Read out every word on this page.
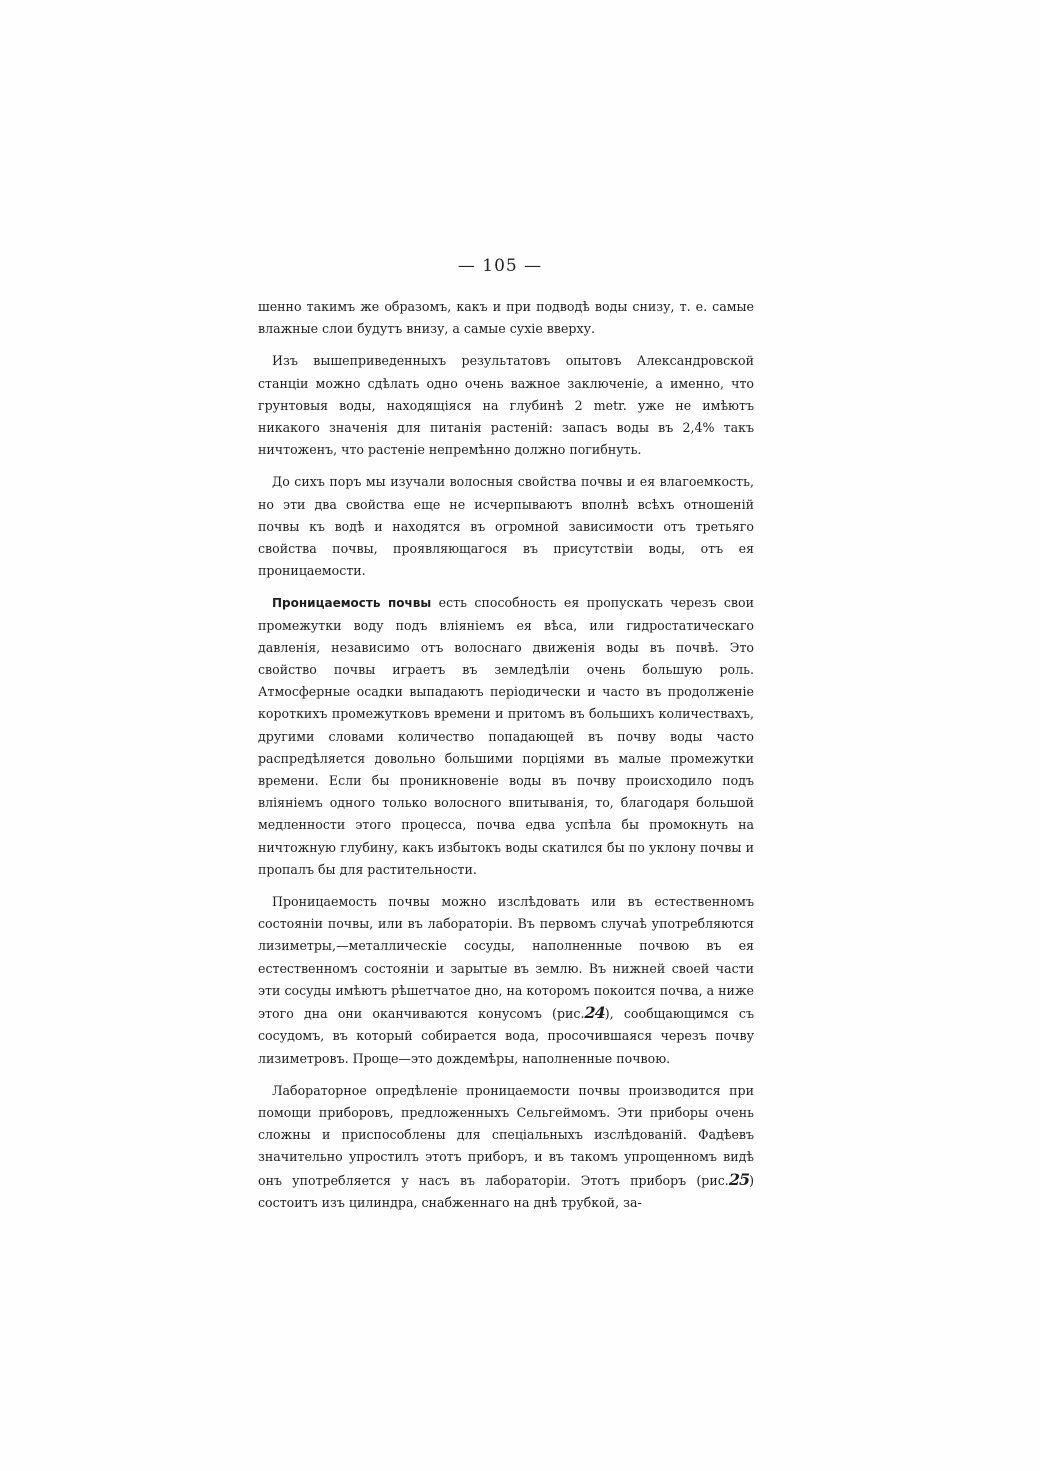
— 105 —

шенно такимъ же образомъ, какъ и при подводѣ воды снизу, т. е. самые влажные слои будутъ внизу, а самые сухіе вверху.

Изъ вышеприведенныхъ результатовъ опытовъ Александровской станціи можно сдѣлать одно очень важное заключеніе, а именно, что грунтовыя воды, находящіяся на глубинѣ 2 metr. уже не имѣютъ никакого значенія для питанія растеній: запасъ воды въ 2,4% такъ ничтоженъ, что растеніе непремѣнно должно погибнуть.

До сихъ поръ мы изучали волосныя свойства почвы и ея влагоемкость, но эти два свойства еще не исчерпываютъ вполнѣ всѣхъ отношеній почвы къ водѣ и находятся въ огромной зависимости отъ третьяго свойства почвы, проявляющагося въ присутствіи воды, отъ ея проницаемости.

Проницаемость почвы есть способность ея пропускать черезъ свои промежутки воду подъ вліяніемъ ея вѣса, или гидростатическаго давленія, независимо отъ волоснаго движенія воды въ почвѣ. Это свойство почвы играетъ въ земледѣліи очень большую роль. Атмосферные осадки выпадаютъ періодически и часто въ продолженіе короткихъ промежутковъ времени и притомъ въ большихъ количествахъ, другими словами количество попадающей въ почву воды часто распредѣляется довольно большими порціями въ малые промежутки времени. Если бы проникновеніе воды въ почву происходило подъ вліяніемъ одного только волосного впитыванія, то, благодаря большой медленности этого процесса, почва едва успѣла бы промокнуть на ничтожную глубину, какъ избытокъ воды скатился бы по уклону почвы и пропалъ бы для растительности.

Проницаемость почвы можно изслѣдовать или въ естественномъ состояніи почвы, или въ лабораторіи. Въ первомъ случаѣ употребляются лизиметры,—металлическіе сосуды, наполненные почвою въ ея естественномъ состояніи и зарытые въ землю. Въ нижней своей части эти сосуды имѣютъ рѣшетчатое дно, на которомъ покоится почва, а ниже этого дна они оканчиваются конусомъ (рис.24), сообщающимся съ сосудомъ, въ который собирается вода, просочившаяся черезъ почву лизиметровъ. Проще—это дождемѣры, наполненные почвою.

Лабораторное опредѣленіе проницаемости почвы производится при помощи приборовъ, предложенныхъ Сельгеймомъ. Эти приборы очень сложны и приспособлены для спеціальныхъ изслѣдованій. Фадѣевъ значительно упростилъ этотъ приборъ, и въ такомъ упрощенномъ видѣ онъ употребляется у насъ въ лабораторіи. Этотъ приборъ (рис.25) состоитъ изъ цилиндра, снабженнаго на днѣ трубкой, за-
